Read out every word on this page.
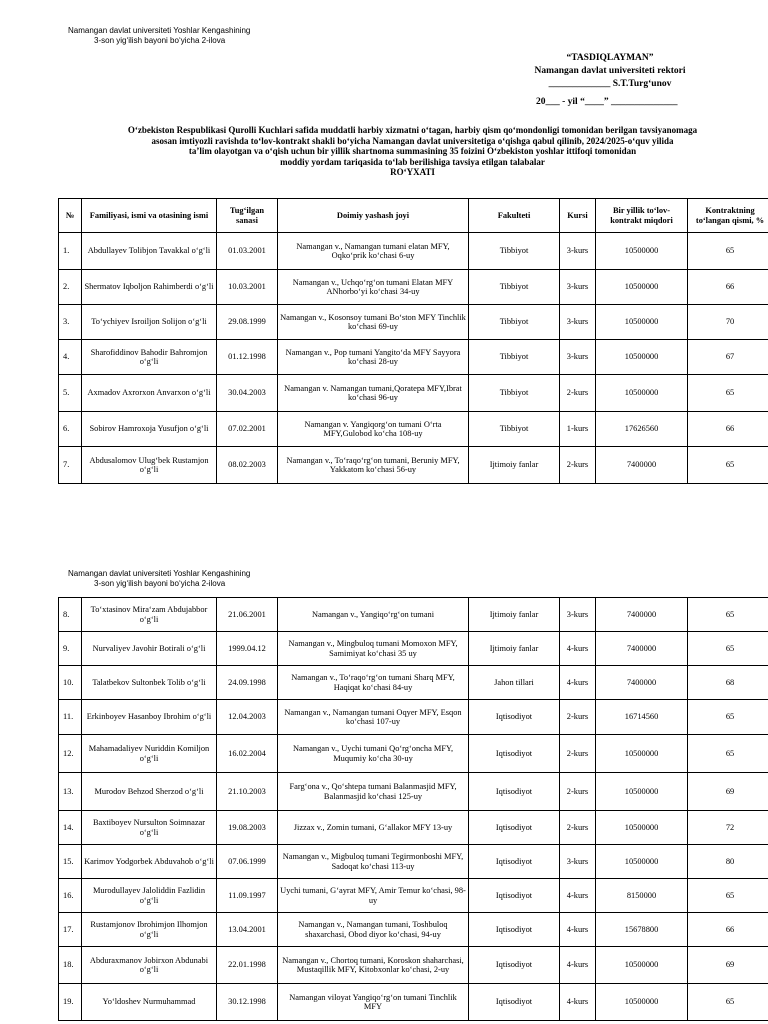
Namangan davlat universiteti Yoshlar Kengashining
3-son yig‘ilish bayoni bo‘yicha 2-ilova
“TASDIQLAYMAN”
Namangan davlat universiteti rektori
_____________ S.T.Turg‘unov
20___ - yil “____” ______________
O‘zbekiston Respublikasi Qurolli Kuchlari safida muddatli harbiy xizmatni o‘tagan, harbiy qism qo‘mondonligi tomonidan berilgan tavsiyanomaga
asosan imtiyozli ravishda to‘lov-kontrakt shakli bo‘yicha Namangan davlat universitetiga o‘qishga qabul qilinib, 2024/2025-o‘quv yilida
ta’lim olayotgan va o‘qish uchun bir yillik shartnoma summasining 35 foizini O‘zbekiston yoshlar ittifoqi tomonidan
moddiy yordam tariqasida to‘lab berilishiga tavsiya etilgan talabalar
RO‘YXATI
№	Familiyasi, ismi va otasining ismi	Tug‘ilgan sanasi	Doimiy yashash joyi	Fakulteti	Kursi	Bir yillik to‘lov-kontrakt miqdori	Kontraktning to‘langan qismi, %
1.	Abdullayev Tolibjon Tavakkal o‘g‘li	01.03.2001	Namangan v., Namangan tumani elatan MFY, Oqko‘prik ko‘chasi 6-uy	Tibbiyot	3-kurs	10500000	65
2.	Shermatov Iqboljon Rahimberdi o‘g‘li	10.03.2001	Namangan v., Uchqo‘rg‘on tumani Elatan MFY ANhorbo‘yi ko‘chasi 34-uy	Tibbiyot	3-kurs	10500000	66
3.	To‘ychiyev Isroiljon Solijon o‘g‘li	29.08.1999	Namangan v., Kosonsoy tumani Bo‘ston MFY Tinchlik ko‘chasi 69-uy	Tibbiyot	3-kurs	10500000	70
4.	Sharofiddinov Bahodir Bahromjon o‘g‘li	01.12.1998	Namangan v., Pop tumani Yangito‘da MFY Sayyora ko‘chasi 28-uy	Tibbiyot	3-kurs	10500000	67
5.	Axmadov Axrorxon Anvarxon o‘g‘li	30.04.2003	Namangan v. Namangan tumani,Qoratepa MFY,Ibrat ko‘chasi 96-uy	Tibbiyot	2-kurs	10500000	65
6.	Sobirov Hamroxoja Yusufjon o‘g‘li	07.02.2001	Namangan v. Yangiqorg‘on tumani O‘rta MFY,Gulobod ko‘cha 108-uy	Tibbiyot	1-kurs	17626560	66
7.	Abdusalomov Ulug‘bek Rustamjon o‘g‘li	08.02.2003	Namangan v., To‘raqo‘rg‘on tumani, Beruniy MFY, Yakkatom ko‘chasi 56-uy	Ijtimoiy fanlar	2-kurs	7400000	65
Namangan davlat universiteti Yoshlar Kengashining
3-son yig‘ilish bayoni bo‘yicha 2-ilova
8.	To‘xtasinov Mira‘zam Abdujabbor o‘g‘li	21.06.2001	Namangan v., Yangiqo‘rg‘on tumani	Ijtimoiy fanlar	3-kurs	7400000	65
9.	Nurvaliyev Javohir Botirali o‘g‘li	1999.04.12	Namangan v., Mingbuloq tumani Momoxon MFY, Samimiyat ko‘chasi 35 uy	Ijtimoiy fanlar	4-kurs	7400000	65
10.	Talatbekov Sultonbek Tolib o‘g‘li	24.09.1998	Namangan v., To‘raqo‘rg‘on tumani Sharq MFY, Haqiqat ko‘chasi 84-uy	Jahon tillari	4-kurs	7400000	68
11.	Erkinboyev Hasanboy Ibrohim o‘g‘li	12.04.2003	Namangan v., Namangan tumani Oqyer MFY, Esqon ko‘chasi 107-uy	Iqtisodiyot	2-kurs	16714560	65
12.	Mahamadaliyev Nuriddin Komiljon o‘g‘li	16.02.2004	Namangan v., Uychi tumani Qo‘rg‘oncha MFY, Muqumiy ko‘cha 30-uy	Iqtisodiyot	2-kurs	10500000	65
13.	Murodov Behzod Sherzod o‘g‘li	21.10.2003	Farg‘ona v., Qo‘shtepa tumani Balanmasjid MFY, Balanmasjid ko‘chasi 125-uy	Iqtisodiyot	2-kurs	10500000	69
14.	Baxtiboyev Nursulton Soimnazar o‘g‘li	19.08.2003	Jizzax v., Zomin tumani, G‘allakor MFY 13-uy	Iqtisodiyot	2-kurs	10500000	72
15.	Karimov Yodgorbek Abduvahob o‘g‘li	07.06.1999	Namangan v., Migbuloq tumani Tegirmonboshi MFY, Sadoqat ko‘chasi 113-uy	Iqtisodiyot	3-kurs	10500000	80
16.	Murodullayev Jaloliddin Fazlidin o‘g‘li	11.09.1997	Uychi tumani, G‘ayrat MFY, Amir Temur ko‘chasi, 98-uy	Iqtisodiyot	4-kurs	8150000	65
17.	Rustamjonov Ibrohimjon Ilhomjon o‘g‘li	13.04.2001	Namangan v., Namangan tumani, Toshbuloq shaxarchasi, Obod diyor ko‘chasi, 94-uy	Iqtisodiyot	4-kurs	15678800	66
18.	Abduraxmanov Jobirxon Abdunabi o‘g‘li	22.01.1998	Namangan v., Chortoq tumani, Koroskon shaharchasi, Mustaqillik MFY, Kitobxonlar ko‘chasi, 2-uy	Iqtisodiyot	4-kurs	10500000	69
19.	Yo‘ldoshev Nurmuhammad	30.12.1998	Namangan viloyat Yangiqo‘rg‘on tumani Tinchlik MFY	Iqtisodiyot	4-kurs	10500000	65
